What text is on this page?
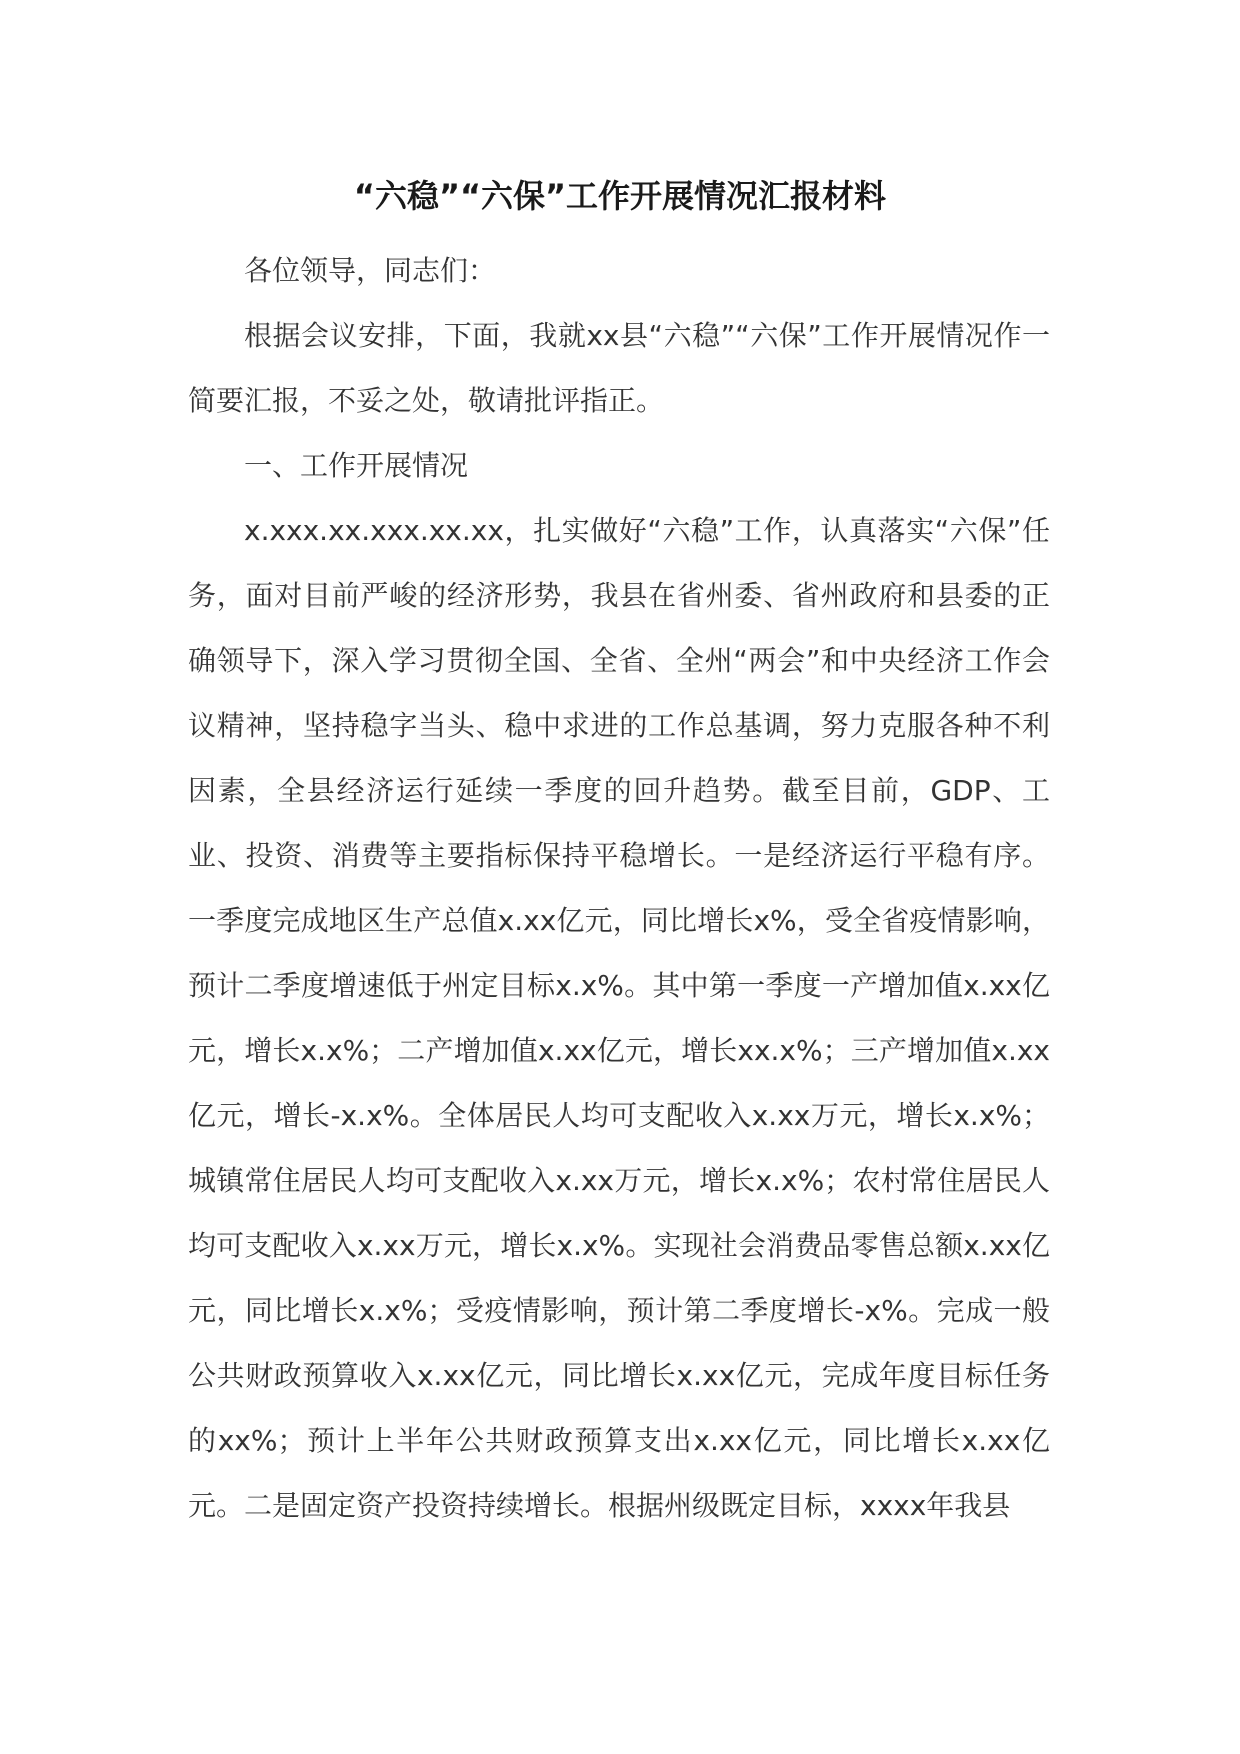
“六稳”“六保”工作开展情况汇报材料

各位领导，同志们：

根据会议安排，下面，我就xx县“六稳”“六保”工作开展情况作一简要汇报，不妥之处，敬请批评指正。

一、工作开展情况

x.xxx.xx.xxx.xx.xx，扎实做好“六稳”工作，认真落实“六保”任务，面对目前严峻的经济形势，我县在省州委、省州政府和县委的正确领导下，深入学习贯彻全国、全省、全州“两会”和中央经济工作会议精神，坚持稳字当头、稳中求进的工作总基调，努力克服各种不利因素，全县经济运行延续一季度的回升趋势。截至目前，GDP、工业、投资、消费等主要指标保持平稳增长。一是经济运行平稳有序。一季度完成地区生产总值x.xx亿元，同比增长x%，受全省疫情影响，预计二季度增速低于州定目标x.x%。其中第一季度一产增加值x.xx亿元，增长x.x%；二产增加值x.xx亿元，增长xx.x%；三产增加值x.xx亿元，增长-x.x%。全体居民人均可支配收入x.xx万元，增长x.x%；城镇常住居民人均可支配收入x.xx万元，增长x.x%；农村常住居民人均可支配收入x.xx万元，增长x.x%。实现社会消费品零售总额x.xx亿元，同比增长x.x%；受疫情影响，预计第二季度增长-x%。完成一般公共财政预算收入x.xx亿元，同比增长x.xx亿元，完成年度目标任务的xx%；预计上半年公共财政预算支出x.xx亿元，同比增长x.xx亿元。二是固定资产投资持续增长。根据州级既定目标，xxxx年我县
